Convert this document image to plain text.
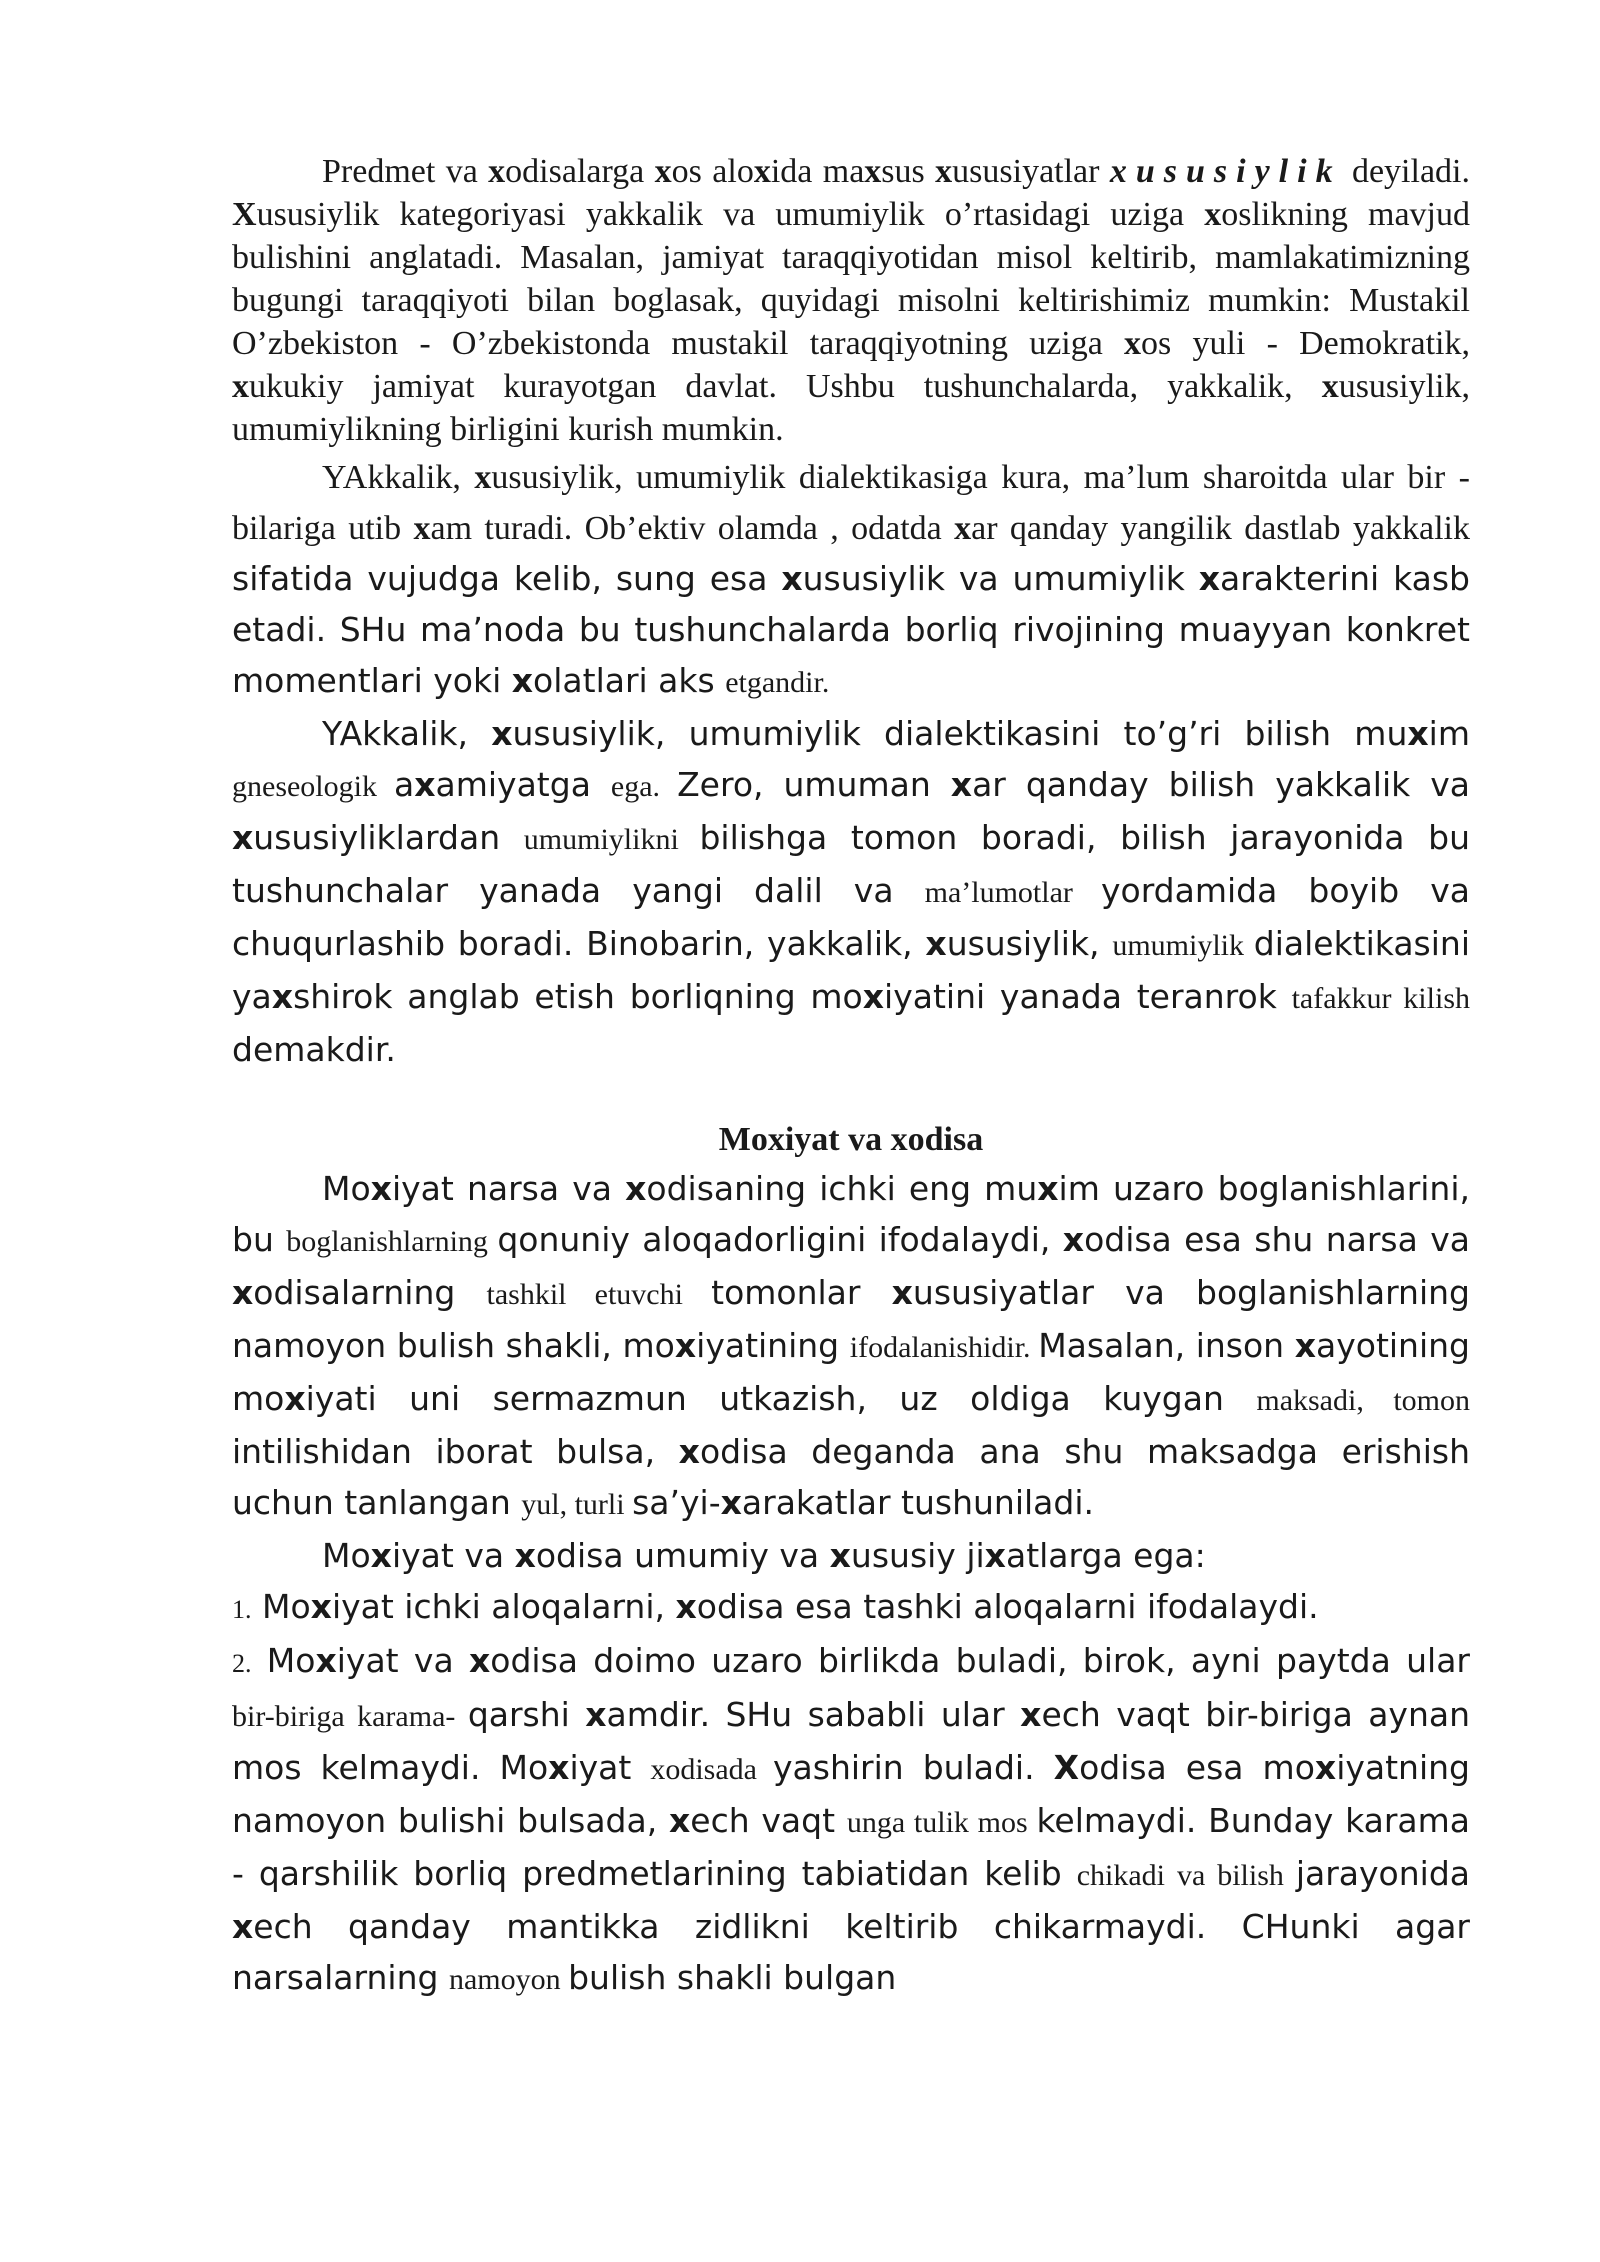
Predmet va xodisalarga xos aloxida maxsus xususiyatlar xususiylik deyiladi. Xususiylik kategoriyasi yakkalik va umumiylik o’rtasidagi uziga xoslikning mavjud bulishini anglatadi. Masalan, jamiyat taraqqiyotidan misol keltirib, mamlakatimizning bugungi taraqqiyoti bilan boglasak, quyidagi misolni keltirishimiz mumkin: Mustakil O’zbekiston - O’zbekistonda mustakil taraqqiyotning uziga xos yuli - Demokratik, xukukiy jamiyat kurayotgan davlat. Ushbu tushunchalarda, yakkalik, xususiylik, umumiylikning birligini kurish mumkin.

YAkkalik, xususiylik, umumiylik dialektikasiga kura, ma’lum sharoitda ular bir - bilariga utib xam turadi. Ob’ektiv olamda , odatda xar qanday yangilik dastlab yakkalik sifatida vujudga kelib, sung esa xususiylik va umumiylik xarakterini kasb etadi. SHu ma’noda bu tushunchalarda borliq rivojining muayyan konkret momentlari yoki xolatlari aks etgandir.

YAkkalik, xususiylik, umumiylik dialektikasini to’g’ri bilish muxim gneseologik axamiyatga ega. Zero, umuman xar qanday bilish yakkalik va xususiyliklardan umumiylikni bilishga tomon boradi, bilish jarayonida bu tushunchalar yanada yangi dalil va ma’lumotlar yordamida boyib va chuqurlashib boradi. Binobarin, yakkalik, xususiylik, umumiylik dialektikasini yaxshirok anglab etish borliqning moxiyatini yanada teranrok tafakkur kilish demakdir.

Moxiyat va xodisa

Moxiyat narsa va xodisaning ichki eng muxim uzaro boglanishlarini, bu boglanishlarning qonuniy aloqadorligini ifodalaydi, xodisa esa shu narsa va xodisalarning tashkil etuvchi tomonlar xususiyatlar va boglanishlarning namoyon bulish shakli, moxiyatining ifodalanishidir. Masalan, inson xayotining moxiyati uni sermazmun utkazish, uz oldiga kuygan maksadi, tomon intilishidan iborat bulsa, xodisa deganda ana shu maksadga erishish uchun tanlangan yul, turli sa’yi-xarakatlar tushuniladi.

Moxiyat va xodisa umumiy va xususiy jixatlarga ega:

1. Moxiyat ichki aloqalarni, xodisa esa tashki aloqalarni ifodalaydi.

2. Moxiyat va xodisa doimo uzaro birlikda buladi, birok, ayni paytda ular bir-biriga karama- qarshi xamdir. SHu sababli ular xech vaqt bir-biriga aynan mos kelmaydi. Moxiyat xodisada yashirin buladi. Xodisa esa moxiyatning namoyon bulishi bulsada, xech vaqt unga tulik mos kelmaydi. Bunday karama - qarshilik borliq predmetlarining tabiatidan kelib chikadi va bilish jarayonida xech qanday mantikka zidlikni keltirib chikarmaydi. CHunki agar narsalarning namoyon bulish shakli bulgan
